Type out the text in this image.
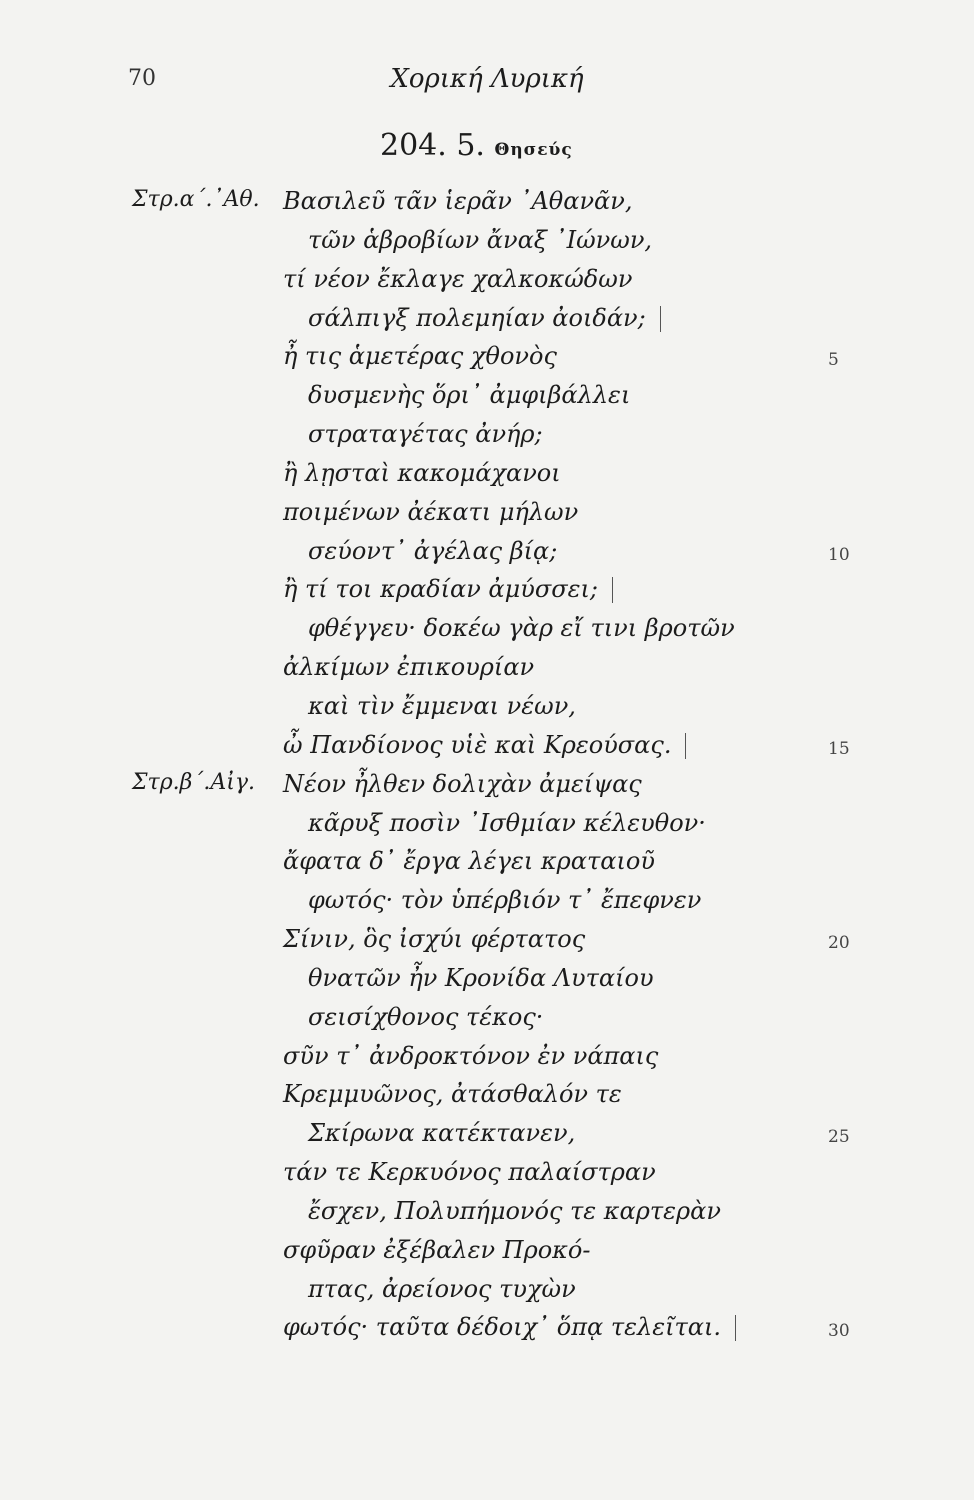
70	Χορική Λυρική
204. 5. Θησεύς
Στρ.α΄.᾿Αθ. Βασιλεῦ τᾶν ἱερᾶν ᾿Αθανᾶν,
τῶν ἁβροβίων ἄναξ ᾿Ιώνων,
τί νέον ἔκλαγε χαλκοκώδων
σάλπιγξ πολεμηίαν ἀοιδάν;
ἦ τις ἁμετέρας χθονὸς	5
δυσμενὴς ὅρι᾿ ἀμφιβάλλει
στραταγέτας ἀνήρ;
ἢ λῃσταὶ κακομάχανοι
ποιμένων ἀέκατι μήλων
σεύοντ᾿ ἀγέλας βίᾳ;	10
ἢ τί τοι κραδίαν ἀμύσσει;
φθέγγευ· δοκέω γὰρ εἴ τινι βροτῶν
ἀλκίμων ἐπικουρίαν
καὶ τὶν ἔμμεναι νέων,
ὦ Πανδίονος υἱὲ καὶ Κρεούσας.	15
Στρ.β΄.Αἰγ. Νέον ἦλθεν δολιχὰν ἀμείψας
κᾶρυξ ποσὶν ᾿Ισθμίαν κέλευθον·
ἄφατα δ᾿ ἔργα λέγει κραταιοῦ
φωτός· τὸν ὑπέρβιόν τ᾿ ἔπεφνεν
Σίνιν, ὃς ἰσχύι φέρτατος	20
θνατῶν ἦν Κρονίδα Λυταίου
σεισίχθονος τέκος·
σῦν τ᾿ ἀνδροκτόνον ἐν νάπαις
Κρεμμυῶνος, ἀτάσθαλόν τε
Σκίρωνα κατέκτανεν,	25
τάν τε Κερκυόνος παλαίστραν
ἔσχεν, Πολυπήμονός τε καρτερὰν
σφῦραν ἐξέβαλεν Προκό-
πτας, ἀρείονος τυχὼν
φωτός· ταῦτα δέδοιχ᾿ ὅπᾳ τελεῖται.	30
